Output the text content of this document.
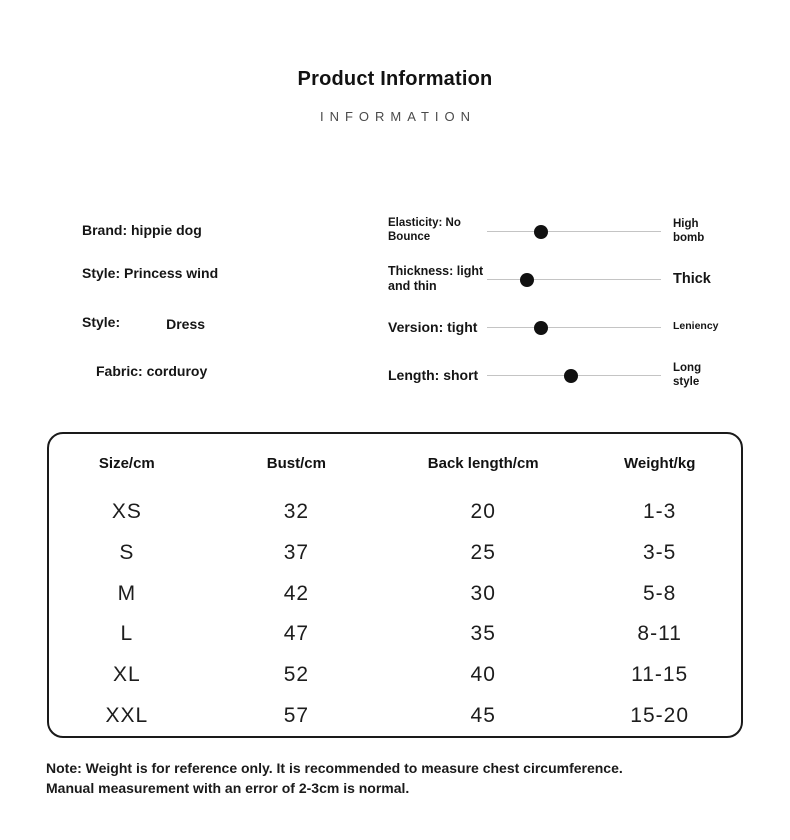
Product Information
INFORMATION
Brand: hippie dog
Style: Princess wind
Style:	Dress
Fabric: corduroy
Elasticity: No Bounce
High bomb
Thickness: light and thin	Thick
Version: tight	Leniency
Length: short	Long style
Size/cm	Bust/cm	Back length/cm	Weight/kg
XS	32	20	1-3
S	37	25	3-5
M	42	30	5-8
L	47	35	8-11
XL	52	40	11-15
XXL	57	45	15-20
Note: Weight is for reference only. It is recommended to measure chest circumference.
Manual measurement with an error of 2-3cm is normal.
